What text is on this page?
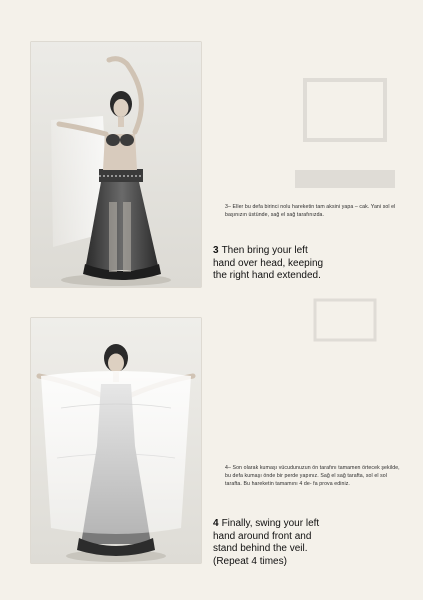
3– Eller bu defa birinci nolu hareketin tam aksini yapa – cak. Yani sol el başınızın üstünde, sağ el sağ tarafınızda.
3 Then bring your left
hand over head, keeping
the right hand extended.
4– Son olarak kumaşı vücudunuzun ön tarafını tamamen örtecek şekilde, bu defa kumaşı önde bir perde yapınız. Sağ el sağ tarafta, sol el sol tarafta. Bu hareketin tamamını 4 de- fa prova ediniz.
4 Finally, swing your left
hand around front and
stand behind the veil.
(Repeat 4 times)
